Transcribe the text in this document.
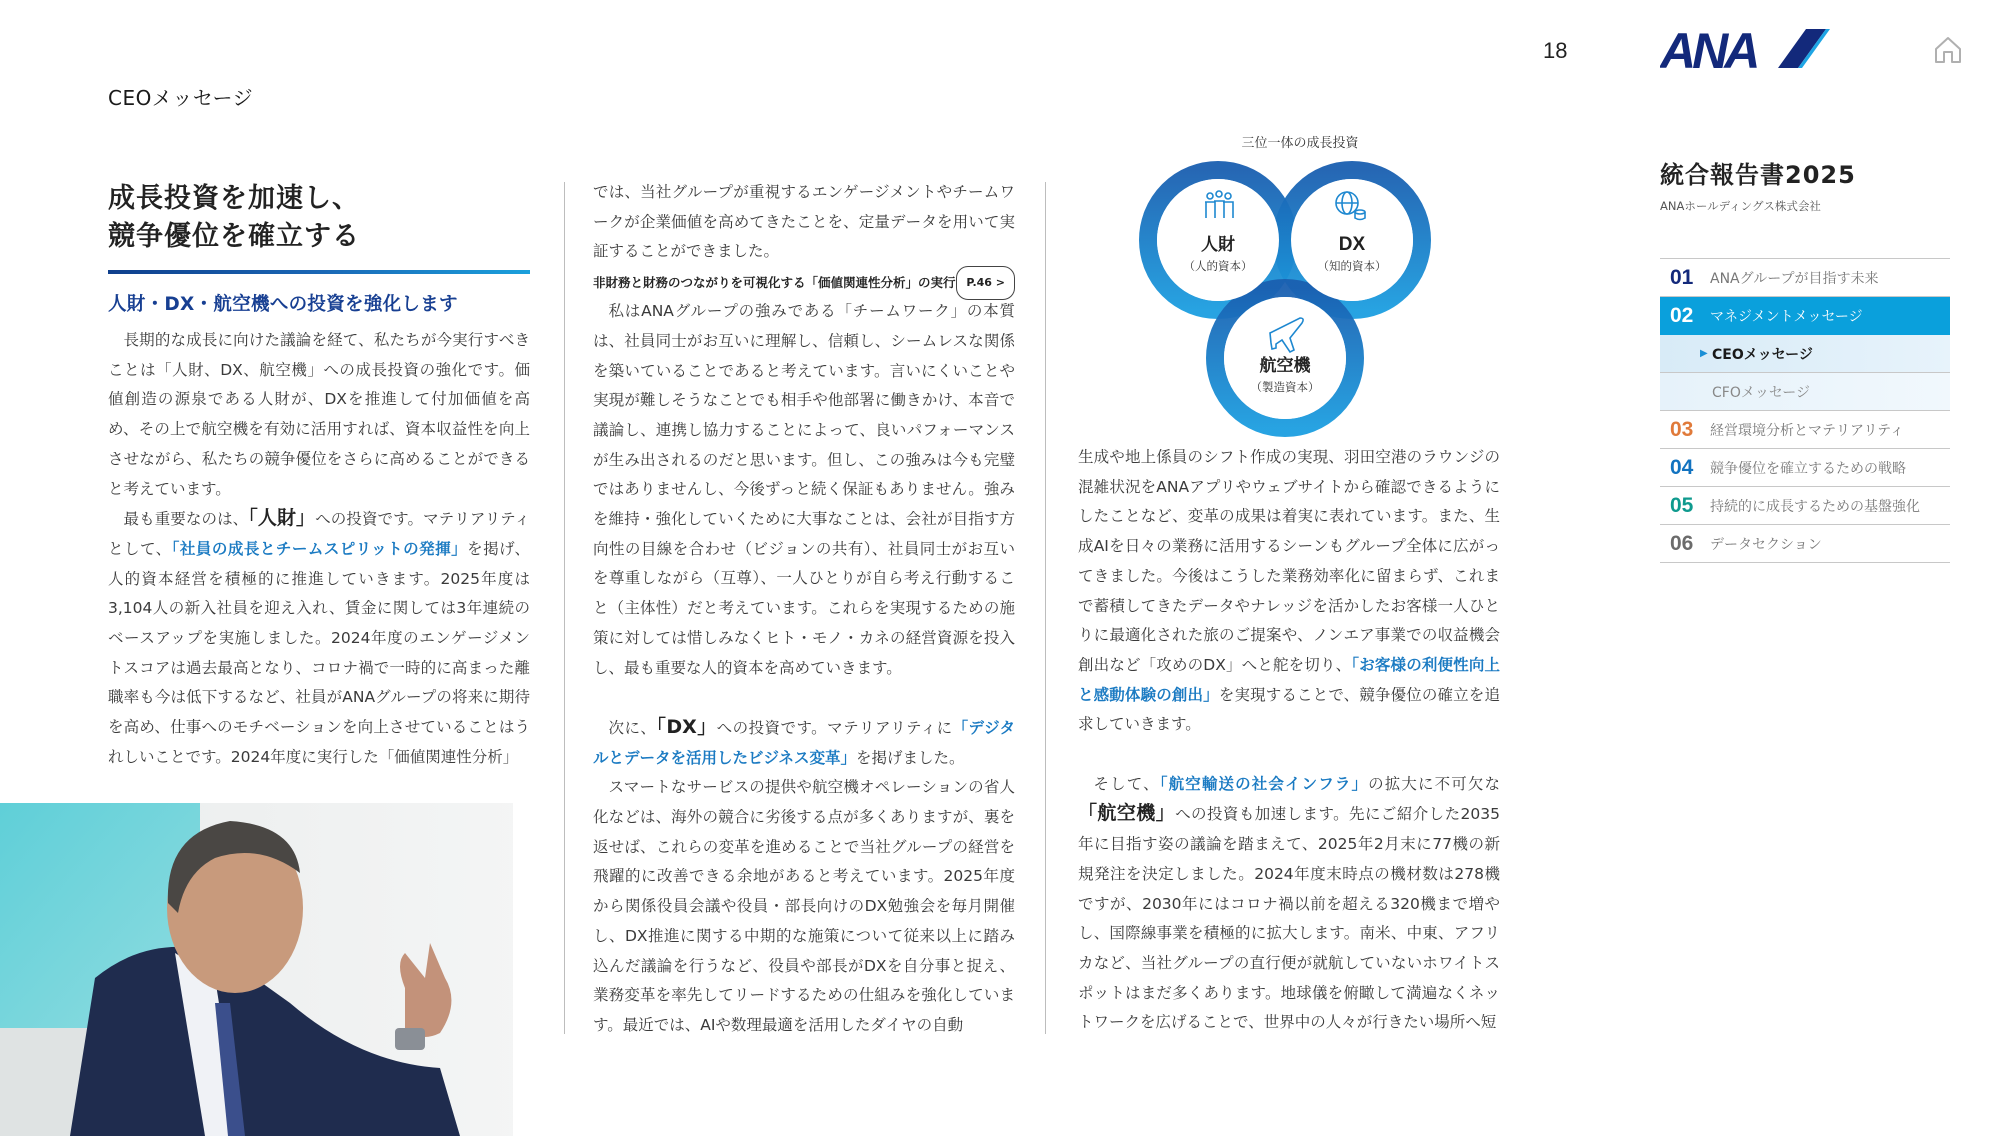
18 ANA
CEOメッセージ
成長投資を加速し、
競争優位を確立する
人財・DX・航空機への投資を強化します

長期的な成長に向けた議論を経て、私たちが今実行すべきことは「人財、DX、航空機」への成長投資の強化です。価値創造の源泉である人財が、DXを推進して付加価値を高め、その上で航空機を有効に活用すれば、資本収益性を向上させながら、私たちの競争優位をさらに高めることができると考えています。

最も重要なのは、「人財」への投資です。マテリアリティとして、「社員の成長とチームスピリットの発揮」を掲げ、人的資本経営を積極的に推進していきます。2025年度は3,104人の新入社員を迎え入れ、賃金に関しては3年連続のベースアップを実施しました。2024年度のエンゲージメントスコアは過去最高となり、コロナ禍で一時的に高まった離職率も今は低下するなど、社員がANAグループの将来に期待を高め、仕事へのモチベーションを向上させていることはうれしいことです。2024年度に実行した「価値関連性分析」

では、当社グループが重視するエンゲージメントやチームワークが企業価値を高めてきたことを、定量データを用いて実証することができました。
非財務と財務のつながりを可視化する「価値関連性分析」の実行 P.46 >

私はANAグループの強みである「チームワーク」の本質は、社員同士がお互いに理解し、信頼し、シームレスな関係を築いていることであると考えています。言いにくいことや実現が難しそうなことでも相手や他部署に働きかけ、本音で議論し、連携し協力することによって、良いパフォーマンスが生み出されるのだと思います。但し、この強みは今も完璧ではありませんし、今後ずっと続く保証もありません。強みを維持・強化していくために大事なことは、会社が目指す方向性の目線を合わせ（ビジョンの共有）、社員同士がお互いを尊重しながら（互尊）、一人ひとりが自ら考え行動すること（主体性）だと考えています。これらを実現するための施策に対しては惜しみなくヒト・モノ・カネの経営資源を投入し、最も重要な人的資本を高めていきます。

次に、「DX」への投資です。マテリアリティに「デジタルとデータを活用したビジネス変革」を掲げました。

スマートなサービスの提供や航空機オペレーションの省人化などは、海外の競合に劣後する点が多くありますが、裏を返せば、これらの変革を進めることで当社グループの経営を飛躍的に改善できる余地があると考えています。2025年度から関係役員会議や役員・部長向けのDX勉強会を毎月開催し、DX推進に関する中期的な施策について従来以上に踏み込んだ議論を行うなど、役員や部長がDXを自分事と捉え、業務変革を率先してリードするための仕組みを強化しています。最近では、AIや数理最適を活用したダイヤの自動

三位一体の成長投資
人財
（人的資本）
DX
（知的資本）
航空機
（製造資本）
生成や地上係員のシフト作成の実現、羽田空港のラウンジの混雑状況をANAアプリやウェブサイトから確認できるようにしたことなど、変革の成果は着実に表れています。また、生成AIを日々の業務に活用するシーンもグループ全体に広がってきました。今後はこうした業務効率化に留まらず、これまで蓄積してきたデータやナレッジを活かしたお客様一人ひとりに最適化された旅のご提案や、ノンエア事業での収益機会創出など「攻めのDX」へと舵を切り、「お客様の利便性向上と感動体験の創出」を実現することで、競争優位の確立を追求していきます。

そして、「航空輸送の社会インフラ」の拡大に不可欠な「航空機」への投資も加速します。先にご紹介した2035年に目指す姿の議論を踏まえて、2025年2月末に77機の新規発注を決定しました。2024年度末時点の機材数は278機ですが、2030年にはコロナ禍以前を超える320機まで増やし、国際線事業を積極的に拡大します。南米、中東、アフリカなど、当社グループの直行便が就航していないホワイトスポットはまだ多くあります。地球儀を俯瞰して満遍なくネットワークを広げることで、世界中の人々が行きたい場所へ短

統合報告書2025
ANAホールディングス株式会社
01	ANAグループが目指す未来
02	マネジメントメッセージ
▶ CEOメッセージ
CFOメッセージ
03	経営環境分析とマテリアリティ
04	競争優位を確立するための戦略
05	持続的に成長するための基盤強化
06	データセクション
